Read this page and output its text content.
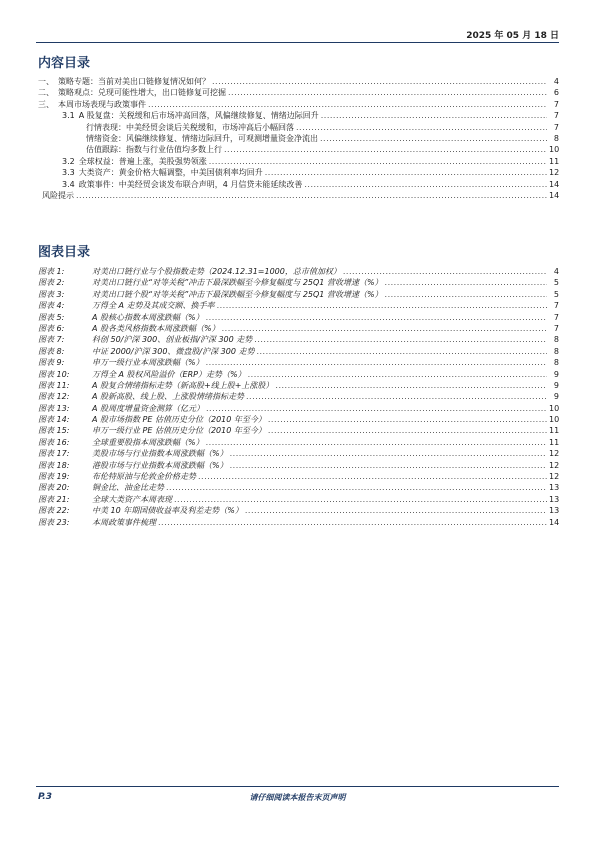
2025 年 05 月 18 日
内容目录
一、 策略专题：当前对美出口链修复情况如何？ .....	4
二、 策略观点：兑现可能性增大，出口链修复可挖掘 .....	6
三、 本周市场表现与政策事件 .....	7
3.1 A 股复盘：关税缓和后市场冲高回落，风偏继续修复、情绪边际回升 .....	7
行情表现：中美经贸会谈后关税缓和，市场冲高后小幅回落 .....	7
情绪资金：风偏继续修复、情绪边际回升，可观测增量资金净流出 .....	8
估值跟踪：指数与行业估值均多数上行 .....	10
3.2 全球权益：普遍上涨，美股强势领涨 .....	11
3.3 大类资产：黄金价格大幅调整，中美国债利率均回升 .....	12
3.4 政策事件：中美经贸会谈发布联合声明，4 月信贷未能延续改善 .....	14
风险提示 .....	14
图表目录
图表 1:	对美出口链行业与个股指数走势（2024.12.31=1000，总市值加权） .....	4
图表 2:	对美出口链行业“对等关税”冲击下最深跌幅至今修复幅度与 25Q1 营收增速（%） .....	5
图表 3:	对美出口链个股“对等关税”冲击下最深跌幅至今修复幅度与 25Q1 营收增速（%） .....	5
图表 4:	万得全 A 走势及其成交额、换手率 .....	7
图表 5:	A 股核心指数本周涨跌幅（%） .....	7
图表 6:	A 股各类风格指数本周涨跌幅（%） .....	7
图表 7:	科创 50/沪深 300、创业板指/沪深 300 走势 .....	8
图表 8:	中证 2000/沪深 300、微盘股/沪深 300 走势 .....	8
图表 9:	申万一级行业本周涨跌幅（%） .....	8
图表 10:	万得全 A 股权风险溢价（ERP）走势（%） .....	9
图表 11:	A 股复合情绪指标走势（新高股+线上股+上涨股） .....	9
图表 12:	A 股新高股、线上股、上涨股情绪指标走势 .....	9
图表 13:	A 股周度增量资金测算（亿元） .....	10
图表 14:	A 股市场指数 PE 估值历史分位（2010 年至今） .....	10
图表 15:	申万一级行业 PE 估值历史分位（2010 年至今） .....	11
图表 16:	全球重要股指本周涨跌幅（%） .....	11
图表 17:	美股市场与行业指数本周涨跌幅（%） .....	12
图表 18:	港股市场与行业指数本周涨跌幅（%） .....	12
图表 19:	布伦特原油与伦敦金价格走势 .....	12
图表 20:	铜金比、油金比走势 .....	13
图表 21:	全球大类资产本周表现 .....	13
图表 22:	中美 10 年期国债收益率及利差走势（%） .....	13
图表 23:	本周政策事件梳理 .....	14
P.3	请仔细阅读本报告末页声明
